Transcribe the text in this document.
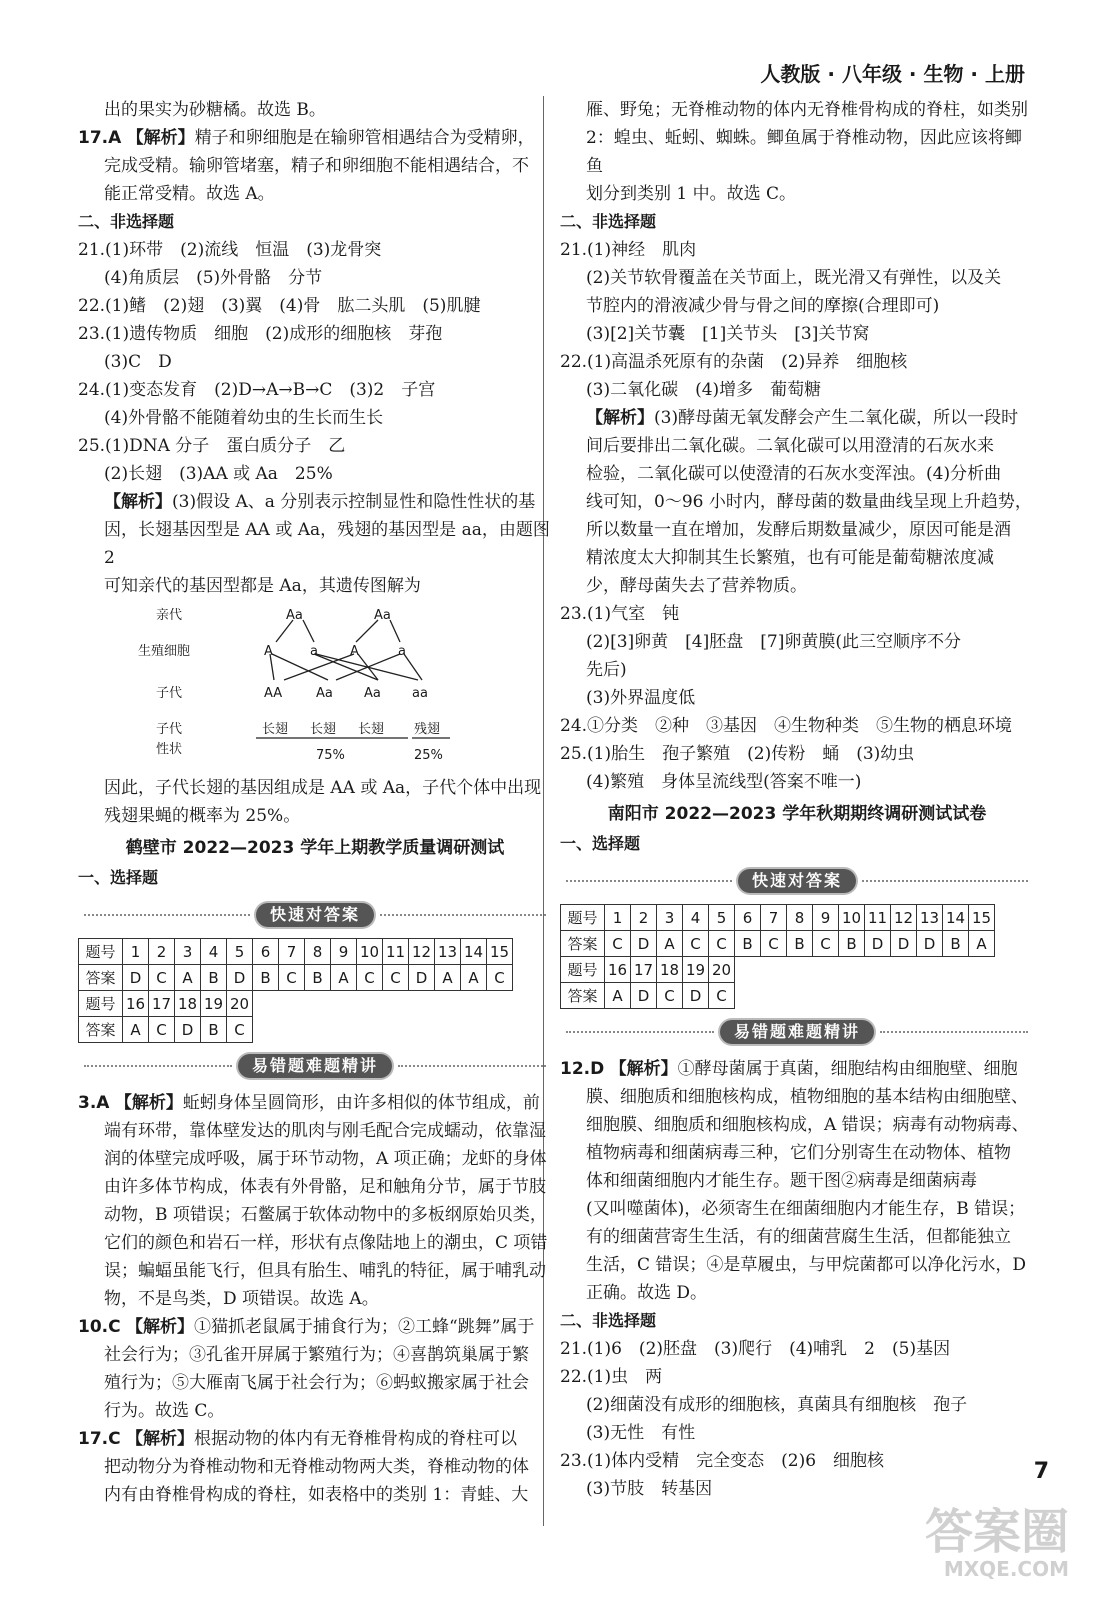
人教版 · 八年级 · 生物 · 上册
出的果实为砂糖橘。故选 B。
17.A 【解析】精子和卵细胞是在输卵管相遇结合为受精卵，
完成受精。输卵管堵塞，精子和卵细胞不能相遇结合，不
能正常受精。故选 A。
二、非选择题
21.(1)环带　(2)流线　恒温　(3)龙骨突
(4)角质层　(5)外骨骼　分节
22.(1)鳍　(2)翅　(3)翼　(4)骨　肱二头肌　(5)肌腱
23.(1)遗传物质　细胞　(2)成形的细胞核　芽孢
(3)C　D
24.(1)变态发育　(2)D→A→B→C　(3)2　子宫
(4)外骨骼不能随着幼虫的生长而生长
25.(1)DNA 分子　蛋白质分子　乙
(2)长翅　(3)AA 或 Aa　25%
【解析】(3)假设 A、a 分别表示控制显性和隐性性状的基
因，长翅基因型是 AA 或 Aa，残翅的基因型是 aa，由题图 2
可知亲代的基因型都是 Aa，其遗传图解为
亲代	Aa	Aa
生殖细胞	A	a A	a
子代	AA	Aa Aa aa
子代
性状
长翅 长翅 长翅 残翅
75%	25%
因此，子代长翅的基因组成是 AA 或 Aa，子代个体中出现
残翅果蝇的概率为 25%。
鹤壁市 2022—2023 学年上期教学质量调研测试
一、选择题
快速对答案
题号	1	2	3	4	5	6	7	8	9	10	11	12	13	14	15
答案	D	C	A	B	D	B	C	B	A	C	C	D	A	A	C
题号	16	17	18	19	20										
答案	A	C	D	B	C										
易错题难题精讲
3.A 【解析】蚯蚓身体呈圆筒形，由许多相似的体节组成，前
端有环带，靠体壁发达的肌肉与刚毛配合完成蠕动，依靠湿
润的体壁完成呼吸，属于环节动物，A 项正确；龙虾的身体
由许多体节构成，体表有外骨骼，足和触角分节，属于节肢
动物，B 项错误；石鳖属于软体动物中的多板纲原始贝类，
它们的颜色和岩石一样，形状有点像陆地上的潮虫，C 项错
误；蝙蝠虽能飞行，但具有胎生、哺乳的特征，属于哺乳动
物，不是鸟类，D 项错误。故选 A。
10.C 【解析】①猫抓老鼠属于捕食行为；②工蜂“跳舞”属于
社会行为；③孔雀开屏属于繁殖行为；④喜鹊筑巢属于繁
殖行为；⑤大雁南飞属于社会行为；⑥蚂蚁搬家属于社会
行为。故选 C。
17.C 【解析】根据动物的体内有无脊椎骨构成的脊柱可以
把动物分为脊椎动物和无脊椎动物两大类，脊椎动物的体
内有由脊椎骨构成的脊柱，如表格中的类别 1：青蛙、大
雁、野兔；无脊椎动物的体内无脊椎骨构成的脊柱，如类别
2：蝗虫、蚯蚓、蜘蛛。鲫鱼属于脊椎动物，因此应该将鲫鱼
划分到类别 1 中。故选 C。
二、非选择题
21.(1)神经　肌肉
(2)关节软骨覆盖在关节面上，既光滑又有弹性，以及关
节腔内的滑液减少骨与骨之间的摩擦(合理即可)
(3)[2]关节囊　[1]关节头　[3]关节窝
22.(1)高温杀死原有的杂菌　(2)异养　细胞核
(3)二氧化碳　(4)增多　葡萄糖
【解析】(3)酵母菌无氧发酵会产生二氧化碳，所以一段时
间后要排出二氧化碳。二氧化碳可以用澄清的石灰水来
检验，二氧化碳可以使澄清的石灰水变浑浊。(4)分析曲
线可知，0～96 小时内，酵母菌的数量曲线呈现上升趋势，
所以数量一直在增加，发酵后期数量减少，原因可能是酒
精浓度太大抑制其生长繁殖，也有可能是葡萄糖浓度减
少，酵母菌失去了营养物质。
23.(1)气室　钝
(2)[3]卵黄　[4]胚盘　[7]卵黄膜(此三空顺序不分
先后)
(3)外界温度低
24.①分类　②种　③基因　④生物种类　⑤生物的栖息环境
25.(1)胎生　孢子繁殖　(2)传粉　蛹　(3)幼虫
(4)繁殖　身体呈流线型(答案不唯一)
南阳市 2022—2023 学年秋期期终调研测试试卷
一、选择题
快速对答案
题号	1	2	3	4	5	6	7	8	9	10	11	12	13	14	15
答案	C	D	A	C	C	B	C	B	C	B	D	D	D	B	A
题号	16	17	18	19	20										
答案	A	D	C	D	C										
易错题难题精讲
12.D 【解析】①酵母菌属于真菌，细胞结构由细胞壁、细胞
膜、细胞质和细胞核构成，植物细胞的基本结构由细胞壁、
细胞膜、细胞质和细胞核构成，A 错误；病毒有动物病毒、
植物病毒和细菌病毒三种，它们分别寄生在动物体、植物
体和细菌细胞内才能生存。题干图②病毒是细菌病毒
(又叫噬菌体)，必须寄生在细菌细胞内才能生存，B 错误；
有的细菌营寄生生活，有的细菌营腐生生活，但都能独立
生活，C 错误；④是草履虫，与甲烷菌都可以净化污水，D
正确。故选 D。
二、非选择题
21.(1)6　(2)胚盘　(3)爬行　(4)哺乳　2　(5)基因
22.(1)虫　两
(2)细菌没有成形的细胞核，真菌具有细胞核　孢子
(3)无性　有性
23.(1)体内受精　完全变态　(2)6　细胞核
(3)节肢　转基因
7
答案圈
MXQE.COM
